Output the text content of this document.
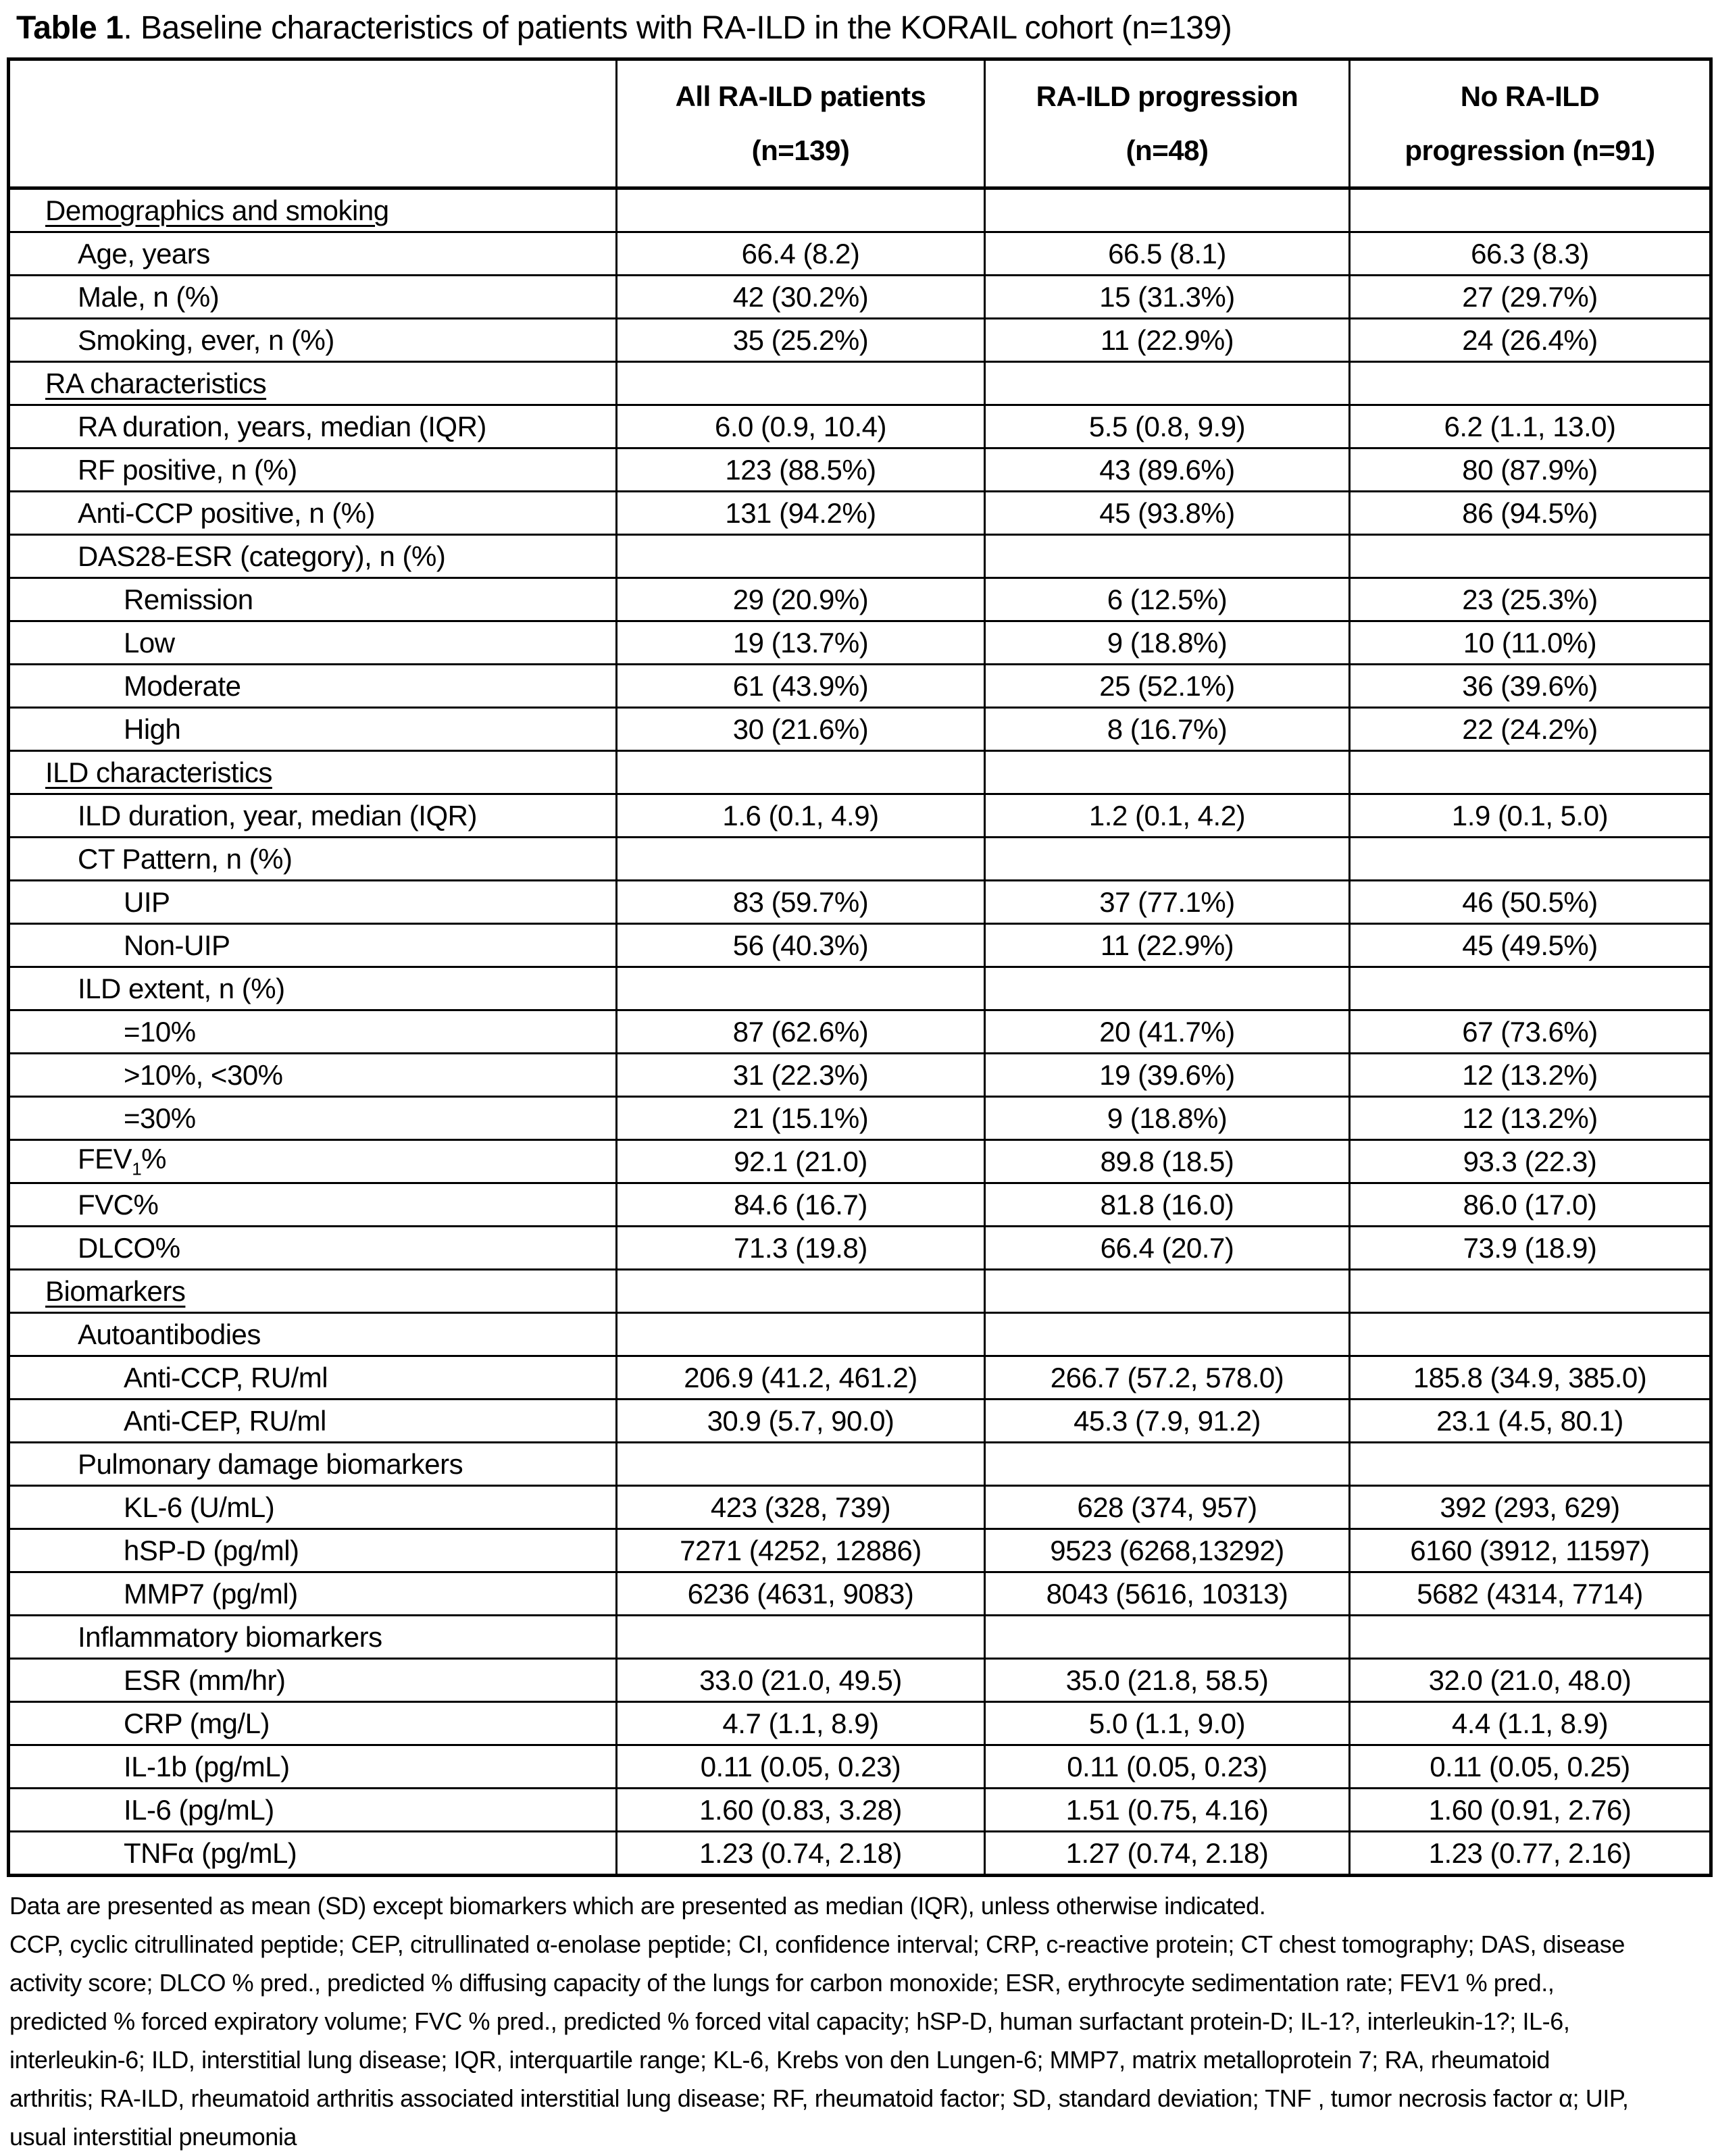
Table 1. Baseline characteristics of patients with RA-ILD in the KORAIL cohort (n=139)

All RA-ILD patients
(n=139)

RA-ILD progression
(n=48)

No RA-ILD
progression (n=91)

Demographics and smoking			
Age, years	66.4 (8.2)	66.5 (8.1)	66.3 (8.3)
Male, n (%)	42 (30.2%)	15 (31.3%)	27 (29.7%)
Smoking, ever, n (%)	35 (25.2%)	11 (22.9%)	24 (26.4%)
RA characteristics			
RA duration, years, median (IQR)	6.0 (0.9, 10.4)	5.5 (0.8, 9.9)	6.2 (1.1, 13.0)
RF positive, n (%)	123 (88.5%)	43 (89.6%)	80 (87.9%)
Anti-CCP positive, n (%)	131 (94.2%)	45 (93.8%)	86 (94.5%)
DAS28-ESR (category), n (%)			
Remission	29 (20.9%)	6 (12.5%)	23 (25.3%)
Low	19 (13.7%)	9 (18.8%)	10 (11.0%)
Moderate	61 (43.9%)	25 (52.1%)	36 (39.6%)
High	30 (21.6%)	8 (16.7%)	22 (24.2%)
ILD characteristics			
ILD duration, year, median (IQR)	1.6 (0.1, 4.9)	1.2 (0.1, 4.2)	1.9 (0.1, 5.0)
CT Pattern, n (%)			
UIP	83 (59.7%)	37 (77.1%)	46 (50.5%)
Non-UIP	56 (40.3%)	11 (22.9%)	45 (49.5%)
ILD extent, n (%)			
=10%	87 (62.6%)	20 (41.7%)	67 (73.6%)
>10%, <30%	31 (22.3%)	19 (39.6%)	12 (13.2%)
=30%	21 (15.1%)	9 (18.8%)	12 (13.2%)
$FEV_1\%$	92.1 (21.0)	89.8 (18.5)	93.3 (22.3)
FVC%	84.6 (16.7)	81.8 (16.0)	86.0 (17.0)
DLCO%	71.3 (19.8)	66.4 (20.7)	73.9 (18.9)
Biomarkers			
Autoantibodies			
Anti-CCP, RU/ml	206.9 (41.2, 461.2)	266.7 (57.2, 578.0)	185.8 (34.9, 385.0)
Anti-CEP, RU/ml	30.9 (5.7, 90.0)	45.3 (7.9, 91.2)	23.1 (4.5, 80.1)
Pulmonary damage biomarkers			
KL-6 (U/mL)	423 (328, 739)	628 (374, 957)	392 (293, 629)
hSP-D (pg/ml)	7271 (4252, 12886)	9523 (6268,13292)	6160 (3912, 11597)
MMP7 (pg/ml)	6236 (4631, 9083)	8043 (5616, 10313)	5682 (4314, 7714)
Inflammatory biomarkers			
ESR (mm/hr)	33.0 (21.0, 49.5)	35.0 (21.8, 58.5)	32.0 (21.0, 48.0)
CRP (mg/L)	4.7 (1.1, 8.9)	5.0 (1.1, 9.0)	4.4 (1.1, 8.9)
IL-1b (pg/mL)	0.11 (0.05, 0.23)	0.11 (0.05, 0.23)	0.11 (0.05, 0.25)
IL-6 (pg/mL)	1.60 (0.83, 3.28)	1.51 (0.75, 4.16)	1.60 (0.91, 2.76)
TNFα (pg/mL)	1.23 (0.74, 2.18)	1.27 (0.74, 2.18)	1.23 (0.77, 2.16)
Data are presented as mean (SD) except biomarkers which are presented as median (IQR), unless otherwise indicated.
CCP, cyclic citrullinated peptide; CEP, citrullinated α-enolase peptide; CI, confidence interval; CRP, c-reactive protein; CT chest tomography; DAS, disease
activity score; DLCO % pred., predicted % diffusing capacity of the lungs for carbon monoxide; ESR, erythrocyte sedimentation rate; FEV1 % pred.,
predicted % forced expiratory volume; FVC % pred., predicted % forced vital capacity; hSP-D, human surfactant protein-D; IL-1?, interleukin-1?; IL-6,
interleukin-6; ILD, interstitial lung disease; IQR, interquartile range; KL-6, Krebs von den Lungen-6; MMP7, matrix metalloprotein 7; RA, rheumatoid
arthritis; RA-ILD, rheumatoid arthritis associated interstitial lung disease; RF, rheumatoid factor; SD, standard deviation; TNF , tumor necrosis factor α; UIP,
usual interstitial pneumonia
